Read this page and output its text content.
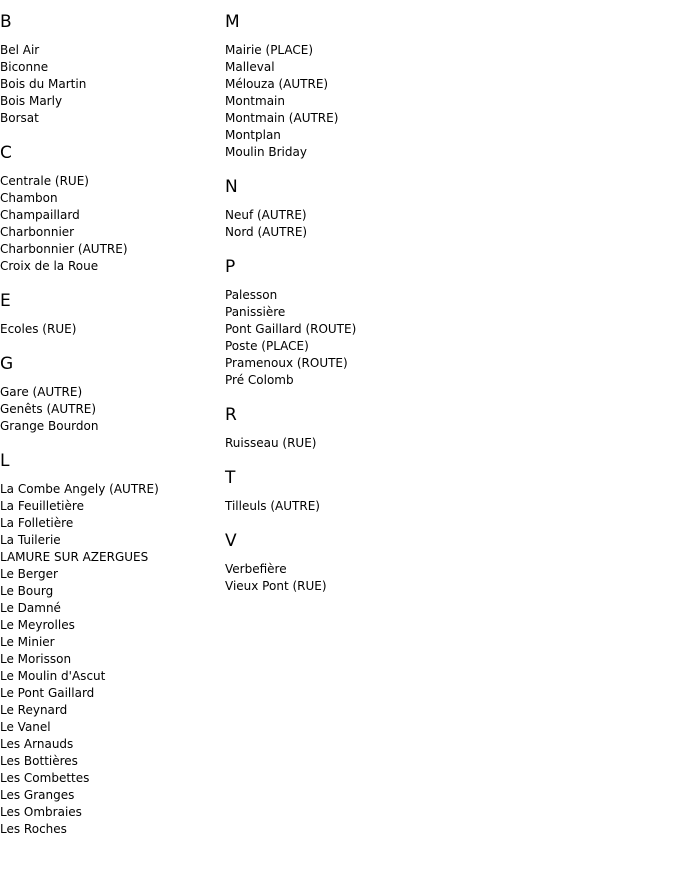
B
Bel Air
Biconne
Bois du Martin
Bois Marly
Borsat
C
Centrale (RUE)
Chambon
Champaillard
Charbonnier
Charbonnier (AUTRE)
Croix de la Roue
E
Ecoles (RUE)
G
Gare (AUTRE)
Genêts (AUTRE)
Grange Bourdon
L
La Combe Angely (AUTRE)
La Feuilletière
La Folletière
La Tuilerie
LAMURE SUR AZERGUES
Le Berger
Le Bourg
Le Damné
Le Meyrolles
Le Minier
Le Morisson
Le Moulin d'Ascut
Le Pont Gaillard
Le Reynard
Le Vanel
Les Arnauds
Les Bottières
Les Combettes
Les Granges
Les Ombraies
Les Roches
M
Mairie (PLACE)
Malleval
Mélouza (AUTRE)
Montmain
Montmain (AUTRE)
Montplan
Moulin Briday
N
Neuf (AUTRE)
Nord (AUTRE)
P
Palesson
Panissière
Pont Gaillard (ROUTE)
Poste (PLACE)
Pramenoux (ROUTE)
Pré Colomb
R
Ruisseau (RUE)
T
Tilleuls (AUTRE)
V
Verbefière
Vieux Pont (RUE)
